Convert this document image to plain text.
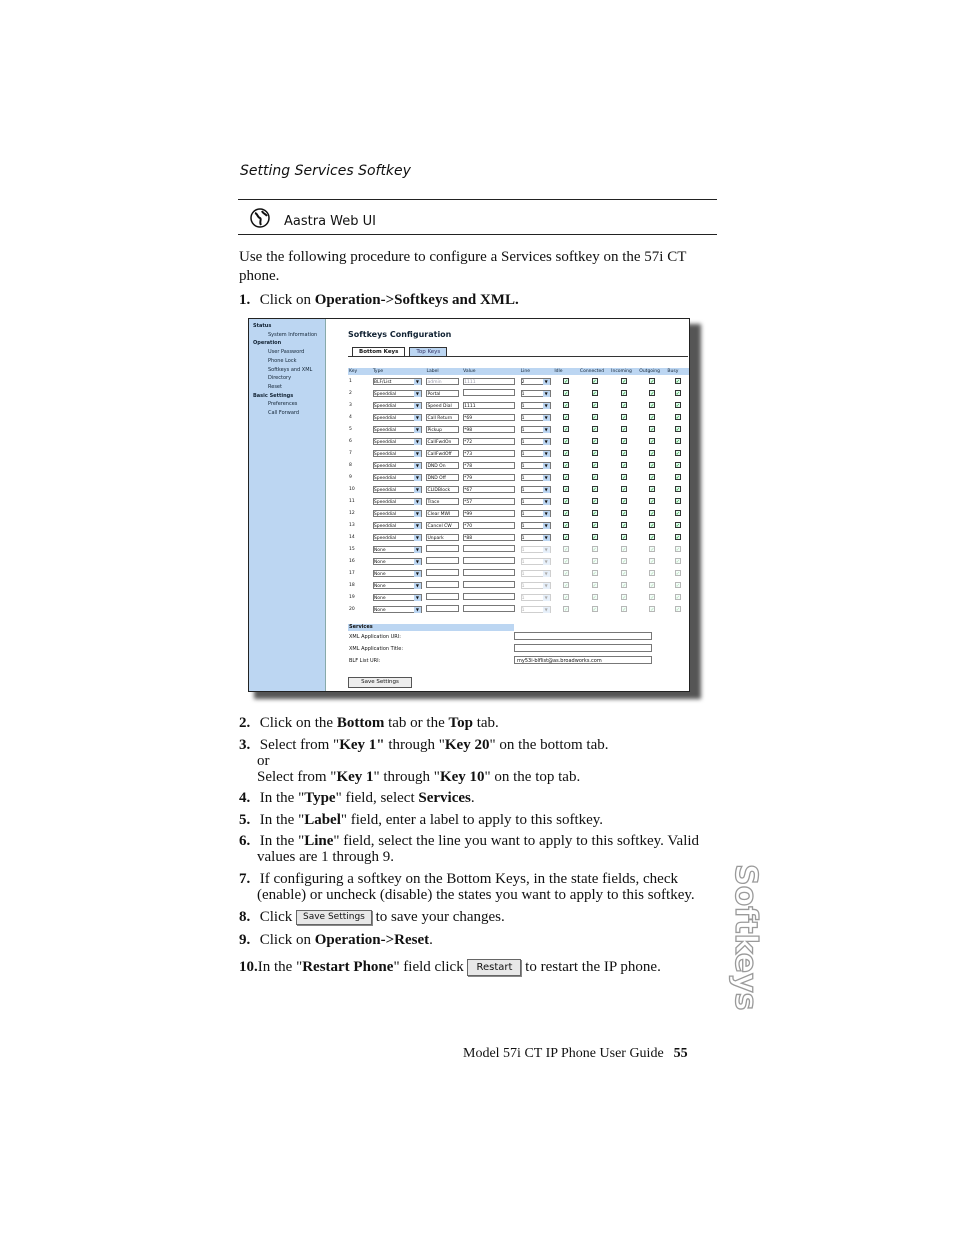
Setting Services Softkey
Aastra Web UI
Use the following procedure to configure a Services softkey on the 57i CT phone.
1. Click on Operation->Softkeys and XML.
Status
System Information
Operation
User Password
Phone Lock
Softkeys and XML
Directory
Reset
Basic Settings
Preferences
Call Forward
Softkeys Configuration
Bottom Keys	Top Keys
Key	Type	Label	Value	Line	Idle	Connected	Incoming	Outgoing	Busy
1	BLF/List ▼	admin	1111	2 ▼	✓	✓	✓	✓	✓
2	Speeddial ▼	Portal		1 ▼	✓	✓	✓	✓	✓
3	Speeddial ▼	Speed Dial	1111	1 ▼	✓	✓	✓	✓	✓
4	Speeddial ▼	Call Return	*69	1 ▼	✓	✓	✓	✓	✓
5	Speeddial ▼	Pickup	*98	1 ▼	✓	✓	✓	✓	✓
6	Speeddial ▼	CallFwdOn	*72	1 ▼	✓	✓	✓	✓	✓
7	Speeddial ▼	CallFwdOff	*73	1 ▼	✓	✓	✓	✓	✓
8	Speeddial ▼	DND On	*78	1 ▼	✓	✓	✓	✓	✓
9	Speeddial ▼	DND Off	*79	1 ▼	✓	✓	✓	✓	✓
10	Speeddial ▼	CLIDBlock	*67	1 ▼	✓	✓	✓	✓	✓
11	Speeddial ▼	Trace	*57	1 ▼	✓	✓	✓	✓	✓
12	Speeddial ▼	Clear MWI	*99	1 ▼	✓	✓	✓	✓	✓
13	Speeddial ▼	Cancel CW	*70	1 ▼	✓	✓	✓	✓	✓
14	Speeddial ▼	Unpark	*88	1 ▼	✓	✓	✓	✓	✓
15	None ▼			1 ▼	✓	✓	✓	✓	✓
16	None ▼			1 ▼	✓	✓	✓	✓	✓
17	None ▼			1 ▼	✓	✓	✓	✓	✓
18	None ▼			1 ▼	✓	✓	✓	✓	✓
19	None ▼			1 ▼	✓	✓	✓	✓	✓
20	None ▼			1 ▼	✓	✓	✓	✓	✓
Services
XML Application URI:
XML Application Title:
BLF List URI:	my53i-blflist@as.broadworks.com
Save Settings
2. Click on the Bottom tab or the Top tab.
3. Select from "Key 1" through "Key 20" on the bottom tab.
or
Select from "Key 1" through "Key 10" on the top tab.
4. In the "Type" field, select Services.
5. In the "Label" field, enter a label to apply to this softkey.
6. In the "Line" field, select the line you want to apply to this softkey. Valid
values are 1 through 9.
7. If configuring a softkey on the Bottom Keys, in the state fields, check
(enable) or uncheck (disable) the states you want to apply to this softkey.
8. Click Save Settings to save your changes.
9. Click on Operation->Reset.
10.In the "Restart Phone" field click Restart to restart the IP phone.	Softkeys
Model 57i CT IP Phone User Guide 55
